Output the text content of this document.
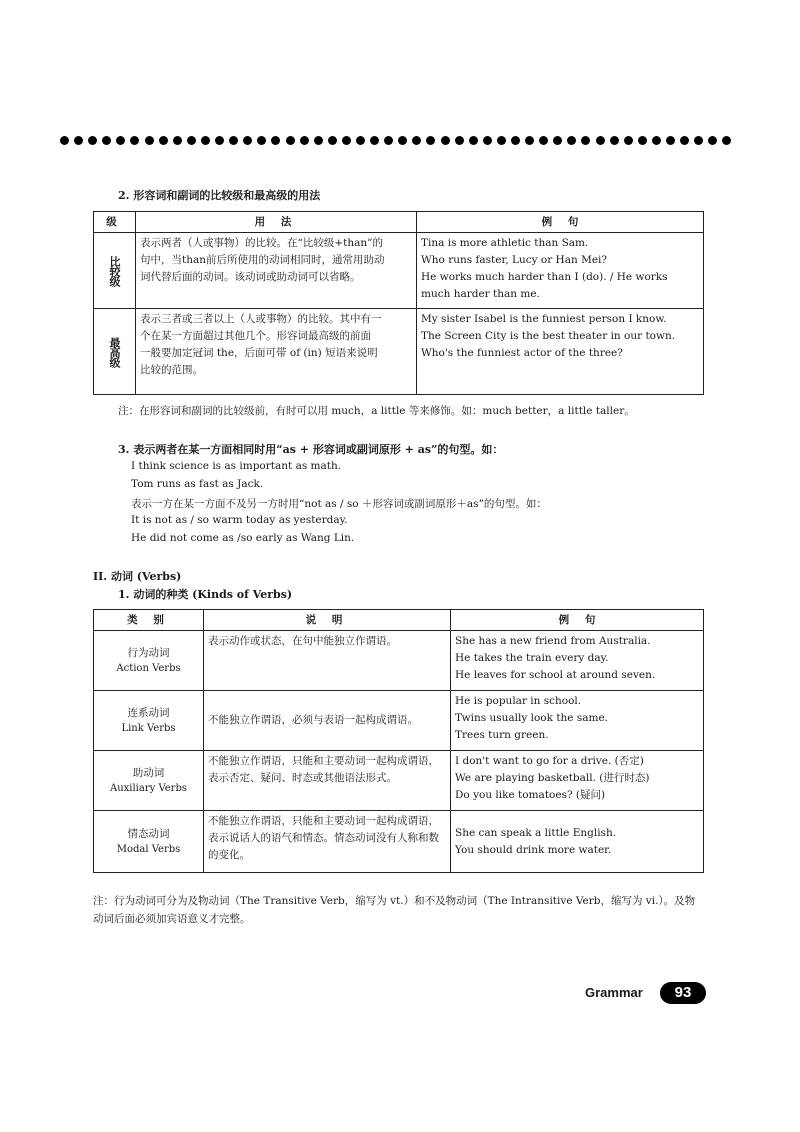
2. 形容词和副词的比较级和最高级的用法
级	用 法	例 句

比较级	表示两者（人或事物）的比较。在“比较级+than”的
句中，当than前后所使用的动词相同时，通常用助动
词代替后面的动词。该动词或助动词可以省略。	Tina is more athletic than Sam.
Who runs faster, Lucy or Han Mei?
He works much harder than I (do). / He works much harder than me.

最高级	表示三者或三者以上（人或事物）的比较。其中有一
个在某一方面超过其他几个。形容词最高级的前面
一般要加定冠词 the，后面可带 of (in) 短语来说明
比较的范围。	My sister Isabel is the funniest person I know.
The Screen City is the best theater in our town.
Who's the funniest actor of the three?
注：在形容词和副词的比较级前，有时可以用 much，a little 等来修饰。如：much better，a little taller。
3. 表示两者在某一方面相同时用“as + 形容词或副词原形 + as”的句型。如：
I think science is as important as math.
Tom runs as fast as Jack.
表示一方在某一方面不及另一方时用“not as / so ＋形容词或副词原形＋as”的句型。如：
It is not as / so warm today as yesterday.
He did not come as /so early as Wang Lin.
II. 动词 (Verbs)
1. 动词的种类 (Kinds of Verbs)
类 别	说 明	例 句

行为动词
Action Verbs	表示动作或状态，在句中能独立作谓语。	She has a new friend from Australia.
He takes the train every day.
He leaves for school at around seven.

连系动词
Link Verbs	不能独立作谓语，必须与表语一起构成谓语。	He is popular in school.
Twins usually look the same.
Trees turn green.

助动词
Auxiliary Verbs	不能独立作谓语，只能和主要动词一起构成谓语，表示否定、疑问、时态或其他语法形式。	I don't want to go for a drive. (否定)
We are playing basketball. (进行时态)
Do you like tomatoes? (疑问)

情态动词
Modal Verbs	不能独立作谓语，只能和主要动词一起构成谓语，表示说话人的语气和情态。情态动词没有人称和数的变化。	She can speak a little English.
You should drink more water.
注：行为动词可分为及物动词（The Transitive Verb，缩写为 vt.）和不及物动词（The Intransitive Verb，缩写为 vi.）。及物动词后面必须加宾语意义才完整。
Grammar	93
